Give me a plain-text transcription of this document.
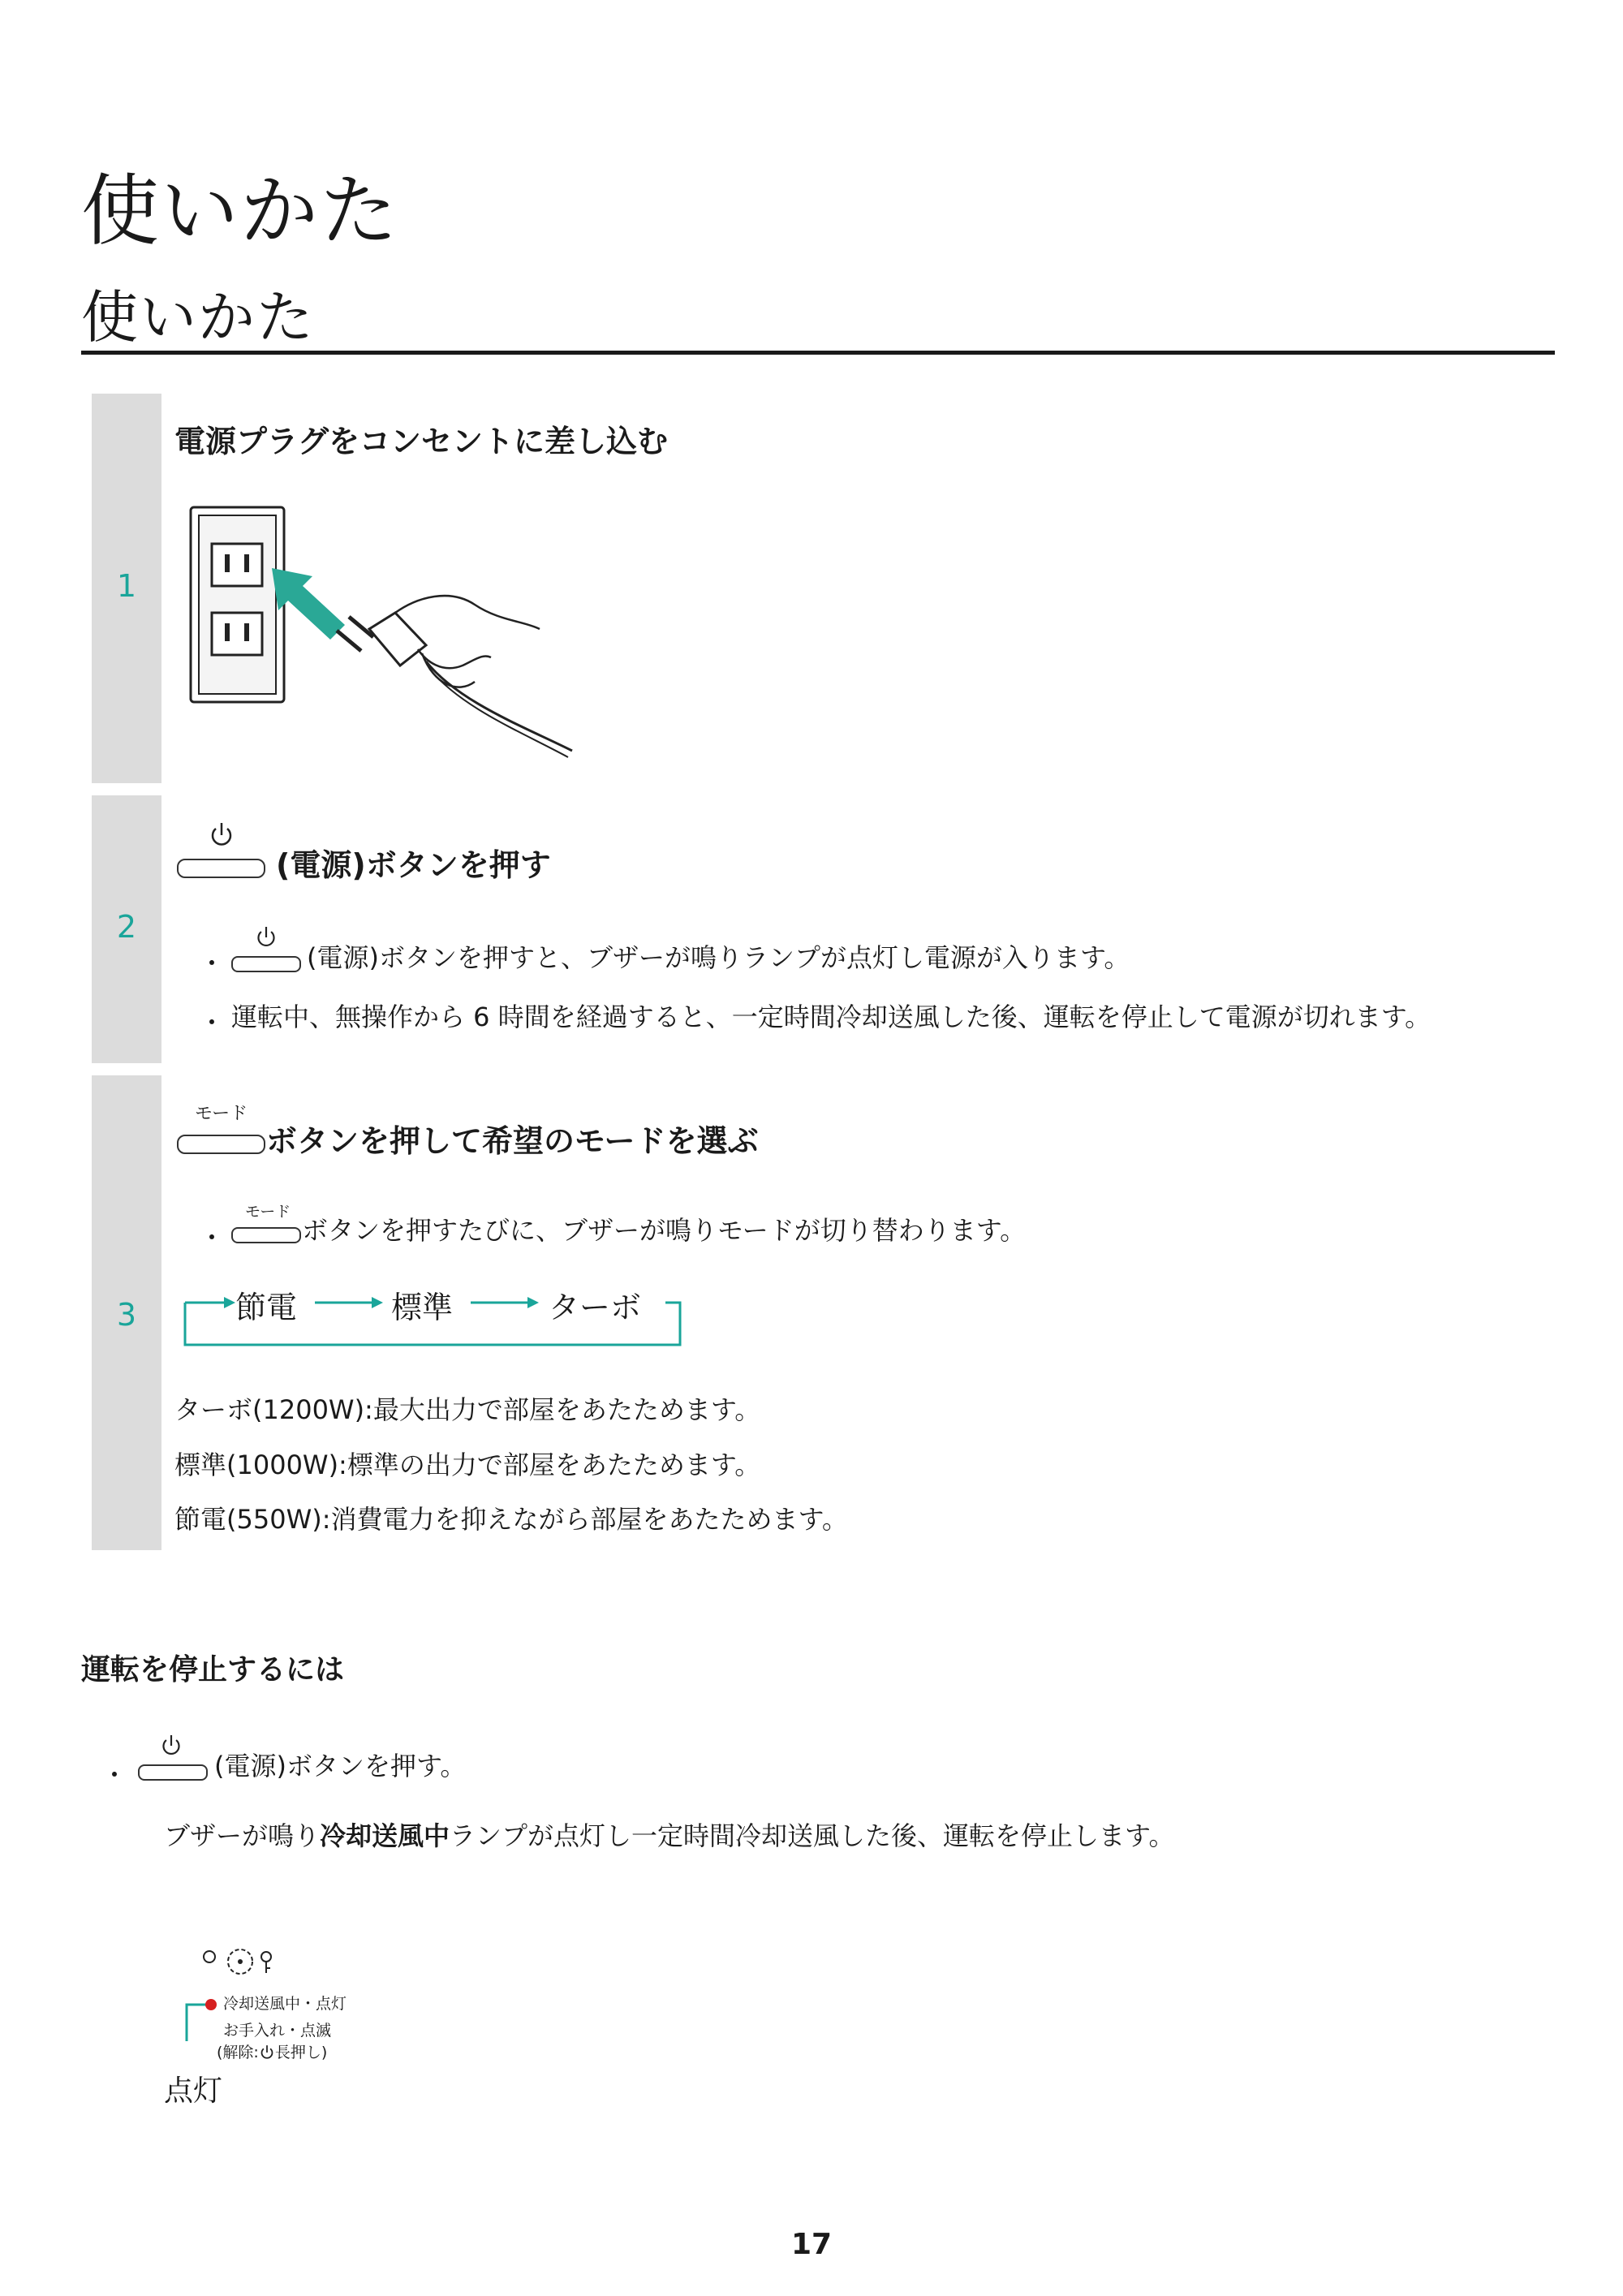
使いかた
使いかた
1
電源プラグをコンセントに差し込む
2
(電源)ボタンを押す
・	(電源)ボタンを押すと、ブザーが鳴りランプが点灯し電源が入ります。
・ 運転中、無操作から 6 時間を経過すると、一定時間冷却送風した後、運転を停止して電源が切れます。
3
モード
ボタンを押して希望のモードを選ぶ
・
モード
ボタンを押すたびに、ブザーが鳴りモードが切り替わります。
節電	標準	ターボ
ターボ(1200W):最大出力で部屋をあたためます。
標準(1000W):標準の出力で部屋をあたためます。
節電(550W):消費電力を抑えながら部屋をあたためます。
運転を停止するには
・	(電源)ボタンを押す。
ブザーが鳴り冷却送風中ランプが点灯し一定時間冷却送風した後、運転を停止します。
冷却送風中・点灯
お手入れ・点滅
(解除: 長押し)
点灯
17
